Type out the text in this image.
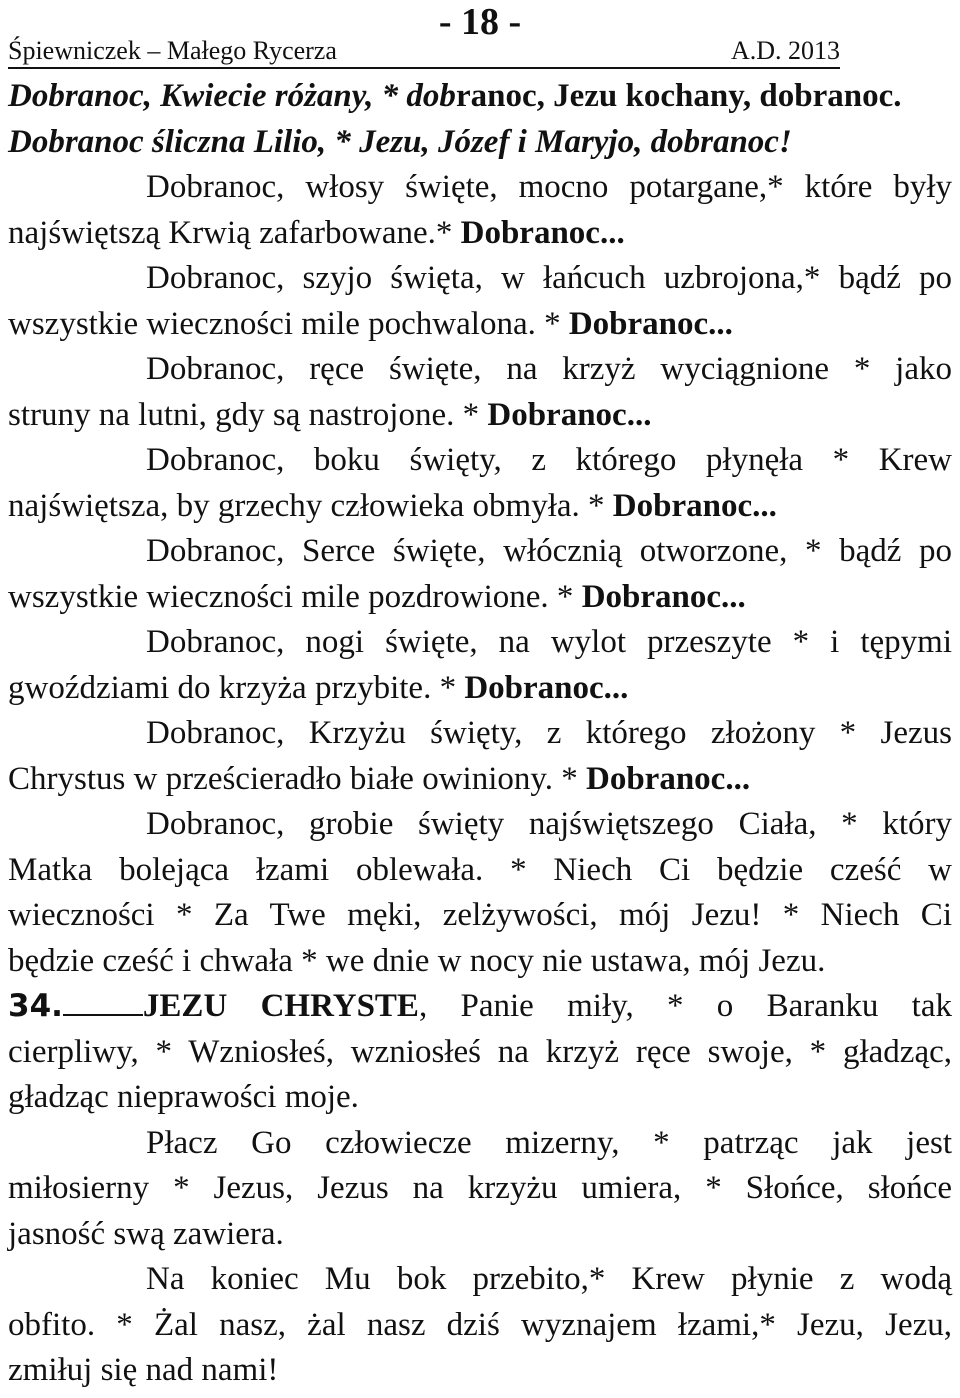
- 18 -
Śpiewniczek – Małego Rycerza	A.D. 2013
Dobranoc, Kwiecie różany, * dobranoc, Jezu kochany, dobranoc.
Dobranoc śliczna Lilio, * Jezu, Józef i Maryjo, dobranoc!
Dobranoc, włosy święte, mocno potargane,* które były
najświętszą Krwią zafarbowane.* Dobranoc...
Dobranoc, szyjo święta, w łańcuch uzbrojona,* bądź po
wszystkie wieczności mile pochwalona. * Dobranoc...
Dobranoc, ręce święte, na krzyż wyciągnione * jako
struny na lutni, gdy są nastrojone. * Dobranoc...
Dobranoc, boku święty, z którego płynęła * Krew
najświętsza, by grzechy człowieka obmyła. * Dobranoc...
Dobranoc, Serce święte, włócznią otworzone, * bądź po
wszystkie wieczności mile pozdrowione. * Dobranoc...
Dobranoc, nogi święte, na wylot przeszyte * i tępymi
gwoździami do krzyża przybite. * Dobranoc...
Dobranoc, Krzyżu święty, z którego złożony * Jezus
Chrystus w prześcieradło białe owiniony. * Dobranoc...
Dobranoc, grobie święty najświętszego Ciała, * który
Matka bolejąca łzami oblewała. * Niech Ci będzie cześć w
wieczności * Za Twe męki, zelżywości, mój Jezu! * Niech Ci
będzie cześć i chwała * we dnie w nocy nie ustawa, mój Jezu.
34. JEZU CHRYSTE, Panie miły, * o Baranku tak
cierpliwy, * Wzniosłeś, wzniosłeś na krzyż ręce swoje, * gładząc,
gładząc nieprawości moje.
Płacz Go człowiecze mizerny, * patrząc jak jest
miłosierny * Jezus, Jezus na krzyżu umiera, * Słońce, słońce
jasność swą zawiera.
Na koniec Mu bok przebito,* Krew płynie z wodą
obfito. * Żal nasz, żal nasz dziś wyznajem łzami,* Jezu, Jezu,
zmiłuj się nad nami!
